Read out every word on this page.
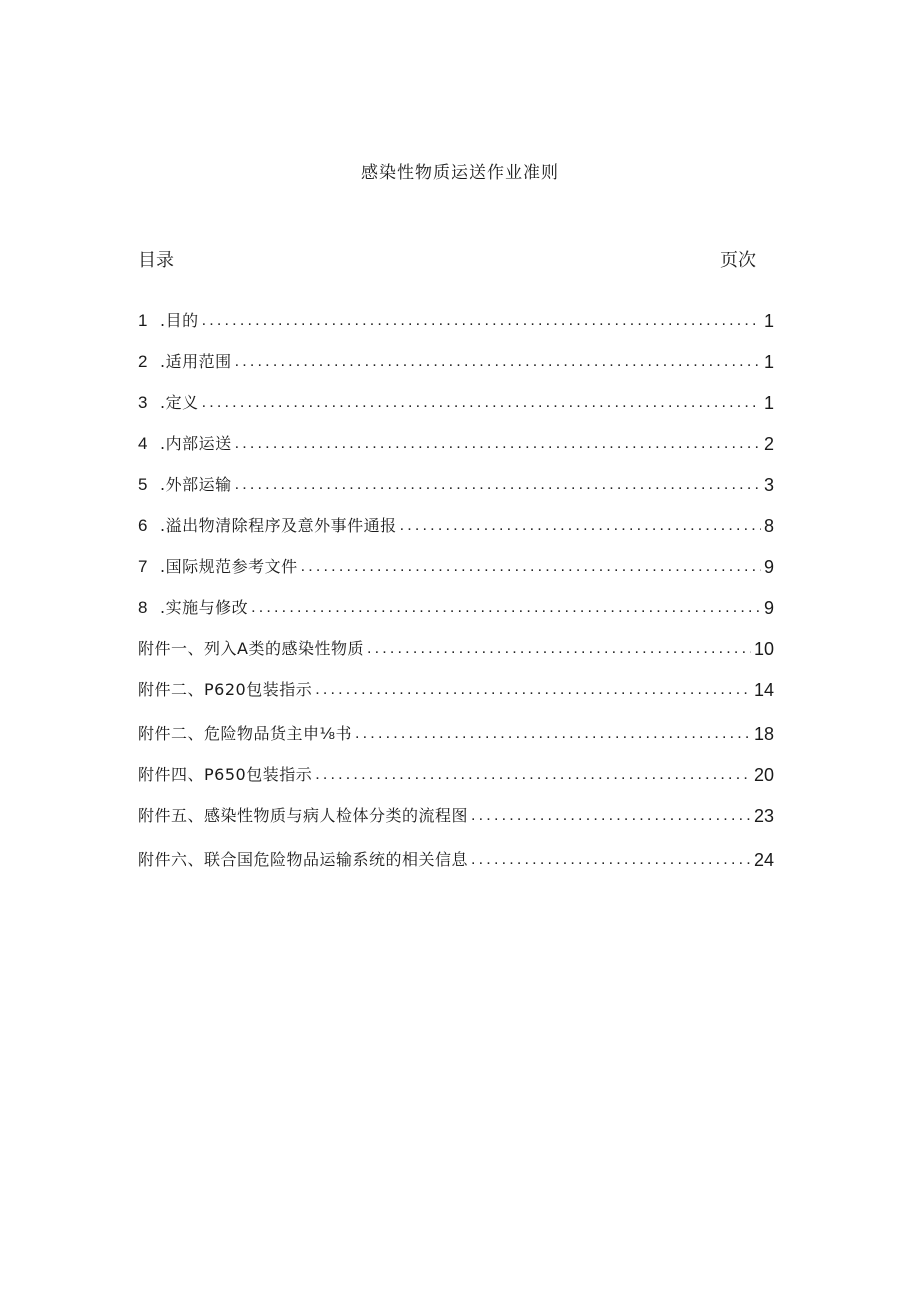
感染性物质运送作业准则
目录	页次
1 .目的 .....	1
2 .适用范围 .....	1
3 .定义 .....	1
4 .内部运送 .....	2
5 .外部运输 .....	3
6 .溢出物清除程序及意外事件通报 .....	8
7 .国际规范参考文件 .....	9
8 .实施与修改 .....	9
附件一、列入A类的感染性物质 .....	10
附件二、P620包装指示 .....	14
附件二、危险物品货主申⅛书 .....	18
附件四、P650包装指示 .....	20
附件五、感染性物质与病人检体分类的流程图 .....	23
附件六、联合国危险物品运输系统的相关信息 .....	24
